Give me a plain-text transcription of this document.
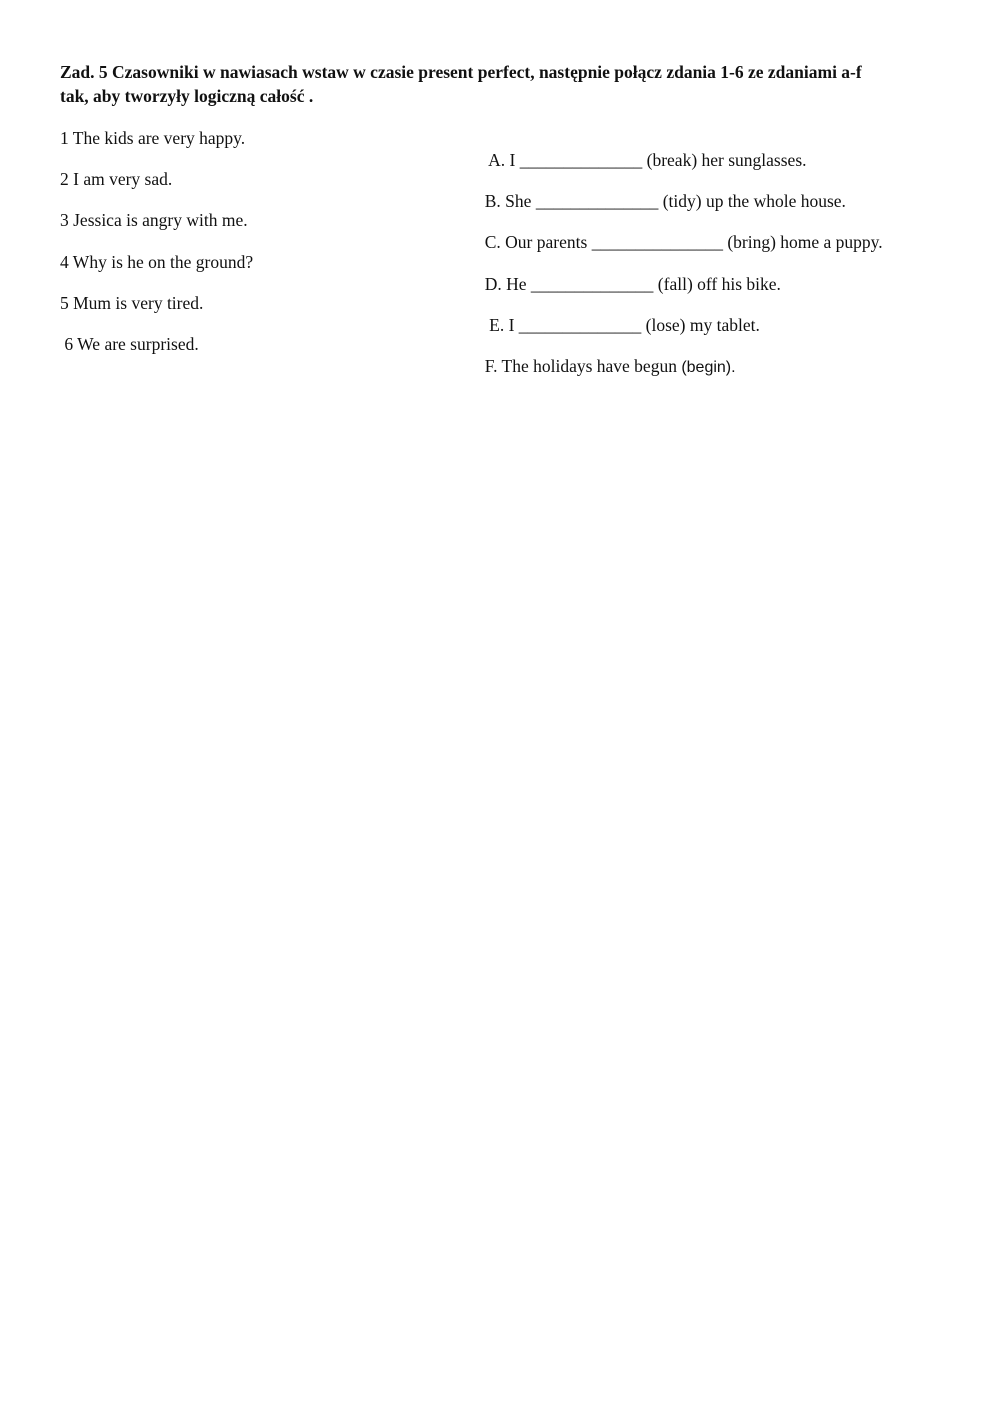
Zad. 5 Czasowniki w nawiasach wstaw w czasie present perfect, następnie połącz zdania 1-6 ze zdaniami a-f
tak, aby tworzyły logiczną całość .
1 The kids are very happy.
2 I am very sad.
3 Jessica is angry with me.
4 Why is he on the ground?
5 Mum is very tired.
6 We are surprised.

A. I ______________ (break) her sunglasses.

B. She ______________ (tidy) up the whole house.

C. Our parents _______________ (bring) home a puppy.

D. He ______________ (fall) off his bike.

E. I ______________ (lose) my tablet.

F. The holidays have begun (begin).
